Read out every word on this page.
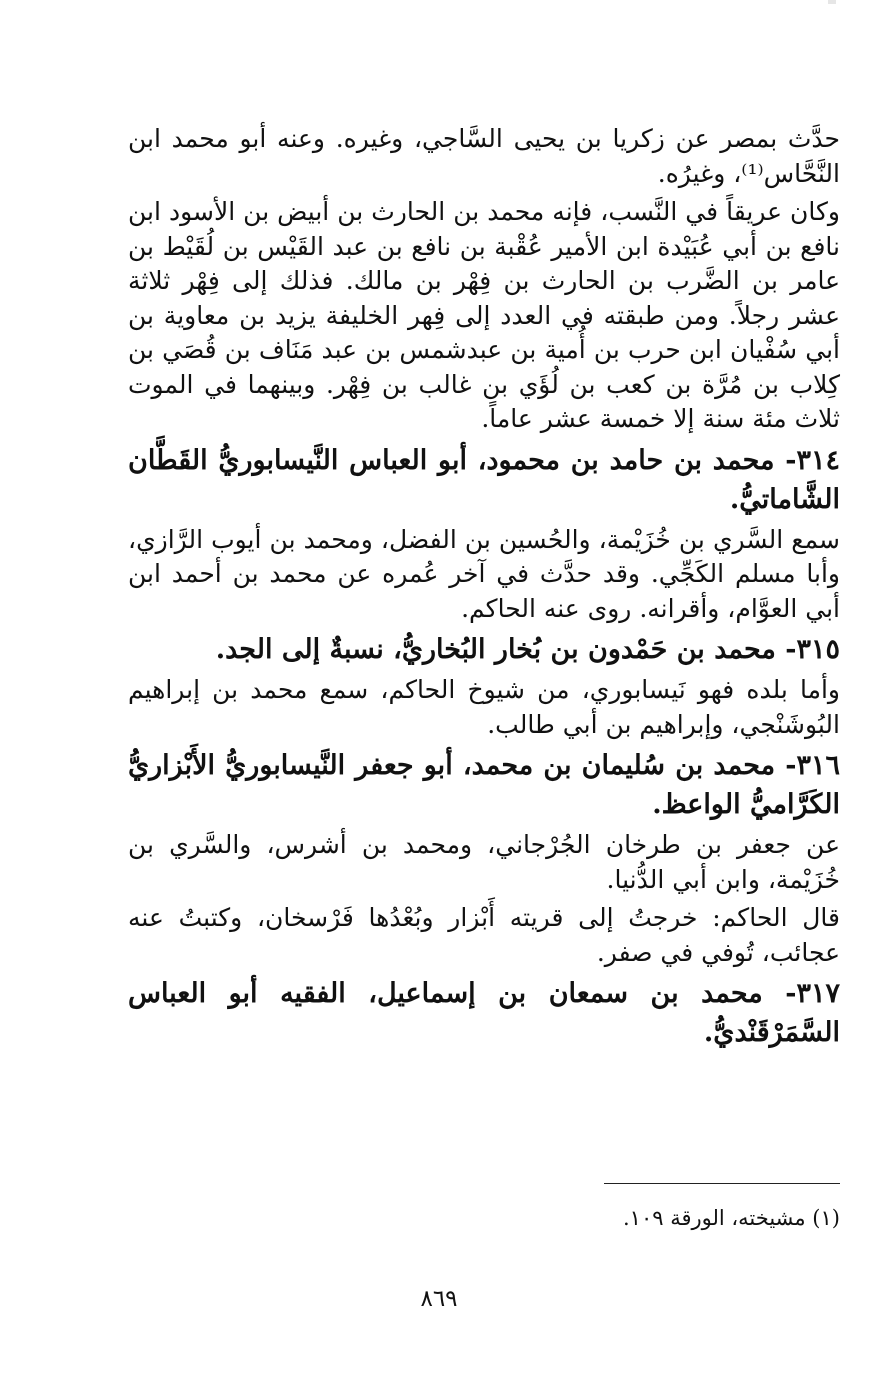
حدَّث بمصر عن زكريا بن يحيى السَّاجي، وغيره. وعنه أبو محمد ابن النَّحَّاس⁽¹⁾، وغيرُه.

وكان عريقاً في النَّسب، فإنه محمد بن الحارث بن أبيض بن الأسود ابن نافع بن أبي عُبَيْدة ابن الأمير عُقْبة بن نافع بن عبد القَيْس بن لُقَيْط بن عامر بن الضَّرب بن الحارث بن فِهْر بن مالك. فذلك إلى فِهْر ثلاثة عشر رجلاً. ومن طبقته في العدد إلى فِهر الخليفة يزيد بن معاوية بن أبي سُفْيان ابن حرب بن أُمية بن عبدشمس بن عبد مَنَاف بن قُصَي بن كِلاب بن مُرَّة بن كعب بن لُؤَي بن غالب بن فِهْر. وبينهما في الموت ثلاث مئة سنة إلا خمسة عشر عاماً.

٣١٤- محمد بن حامد بن محمود، أبو العباس النَّيسابوريُّ القَطَّان الشَّاماتيُّ.

سمع السَّري بن خُزَيْمة، والحُسين بن الفضل، ومحمد بن أيوب الرَّازي، وأبا مسلم الكَجِّي. وقد حدَّث في آخر عُمره عن محمد بن أحمد ابن أبي العوَّام، وأقرانه. روى عنه الحاكم.

٣١٥- محمد بن حَمْدون بن بُخار البُخاريُّ، نسبةٌ إلى الجد.

وأما بلده فهو نَيسابوري، من شيوخ الحاكم، سمع محمد بن إبراهيم البُوشَنْجي، وإبراهيم بن أبي طالب.

٣١٦- محمد بن سُليمان بن محمد، أبو جعفر النَّيسابوريُّ الأَبْزاريُّ الكَرَّاميُّ الواعظ.

عن جعفر بن طرخان الجُرْجاني، ومحمد بن أشرس، والسَّري بن خُزَيْمة، وابن أبي الدُّنيا.

قال الحاكم: خرجتُ إلى قريته أَبْزار وبُعْدُها فَرْسخان، وكتبتُ عنه عجائب، تُوفي في صفر.

٣١٧- محمد بن سمعان بن إسماعيل، الفقيه أبو العباس السَّمَرْقَنْديُّ.

(١) مشيخته، الورقة ١٠٩.
٨٦٩
